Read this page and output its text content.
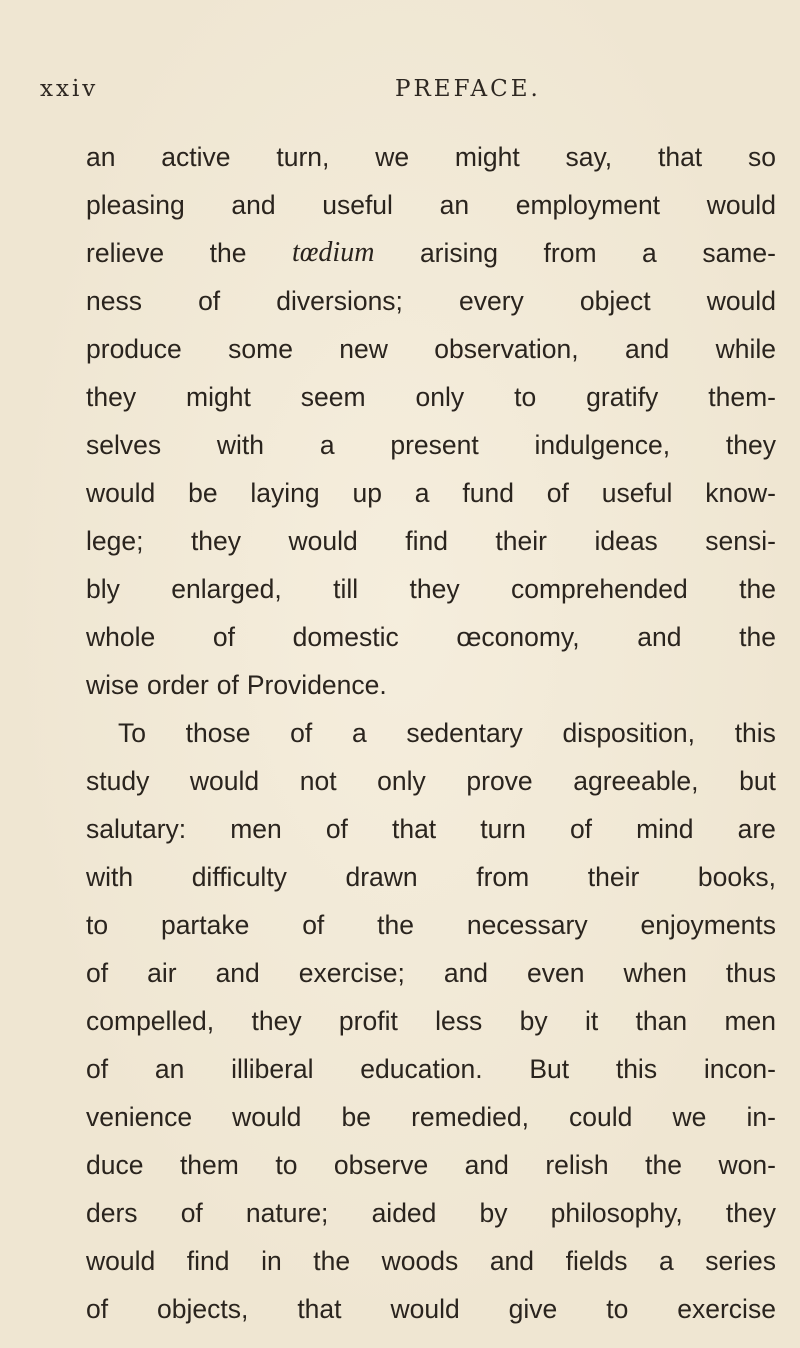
xxiv	PREFACE.
an active turn, we might say, that so
pleasing and useful an employment would
relieve the tœdium arising from a same-
ness of diversions; every object would
produce some new observation, and while
they might seem only to gratify them-
selves with a present indulgence, they
would be laying up a fund of useful know-
lege; they would find their ideas sensi-
bly enlarged, till they comprehended the
whole of domestic œconomy, and the
wise order of Providence.
To those of a sedentary disposition, this
study would not only prove agreeable, but
salutary: men of that turn of mind are
with difficulty drawn from their books,
to partake of the necessary enjoyments
of air and exercise; and even when thus
compelled, they profit less by it than men
of an illiberal education. But this incon-
venience would be remedied, could we in-
duce them to observe and relish the won-
ders of nature; aided by philosophy, they
would find in the woods and fields a series
of objects, that would give to exercise
